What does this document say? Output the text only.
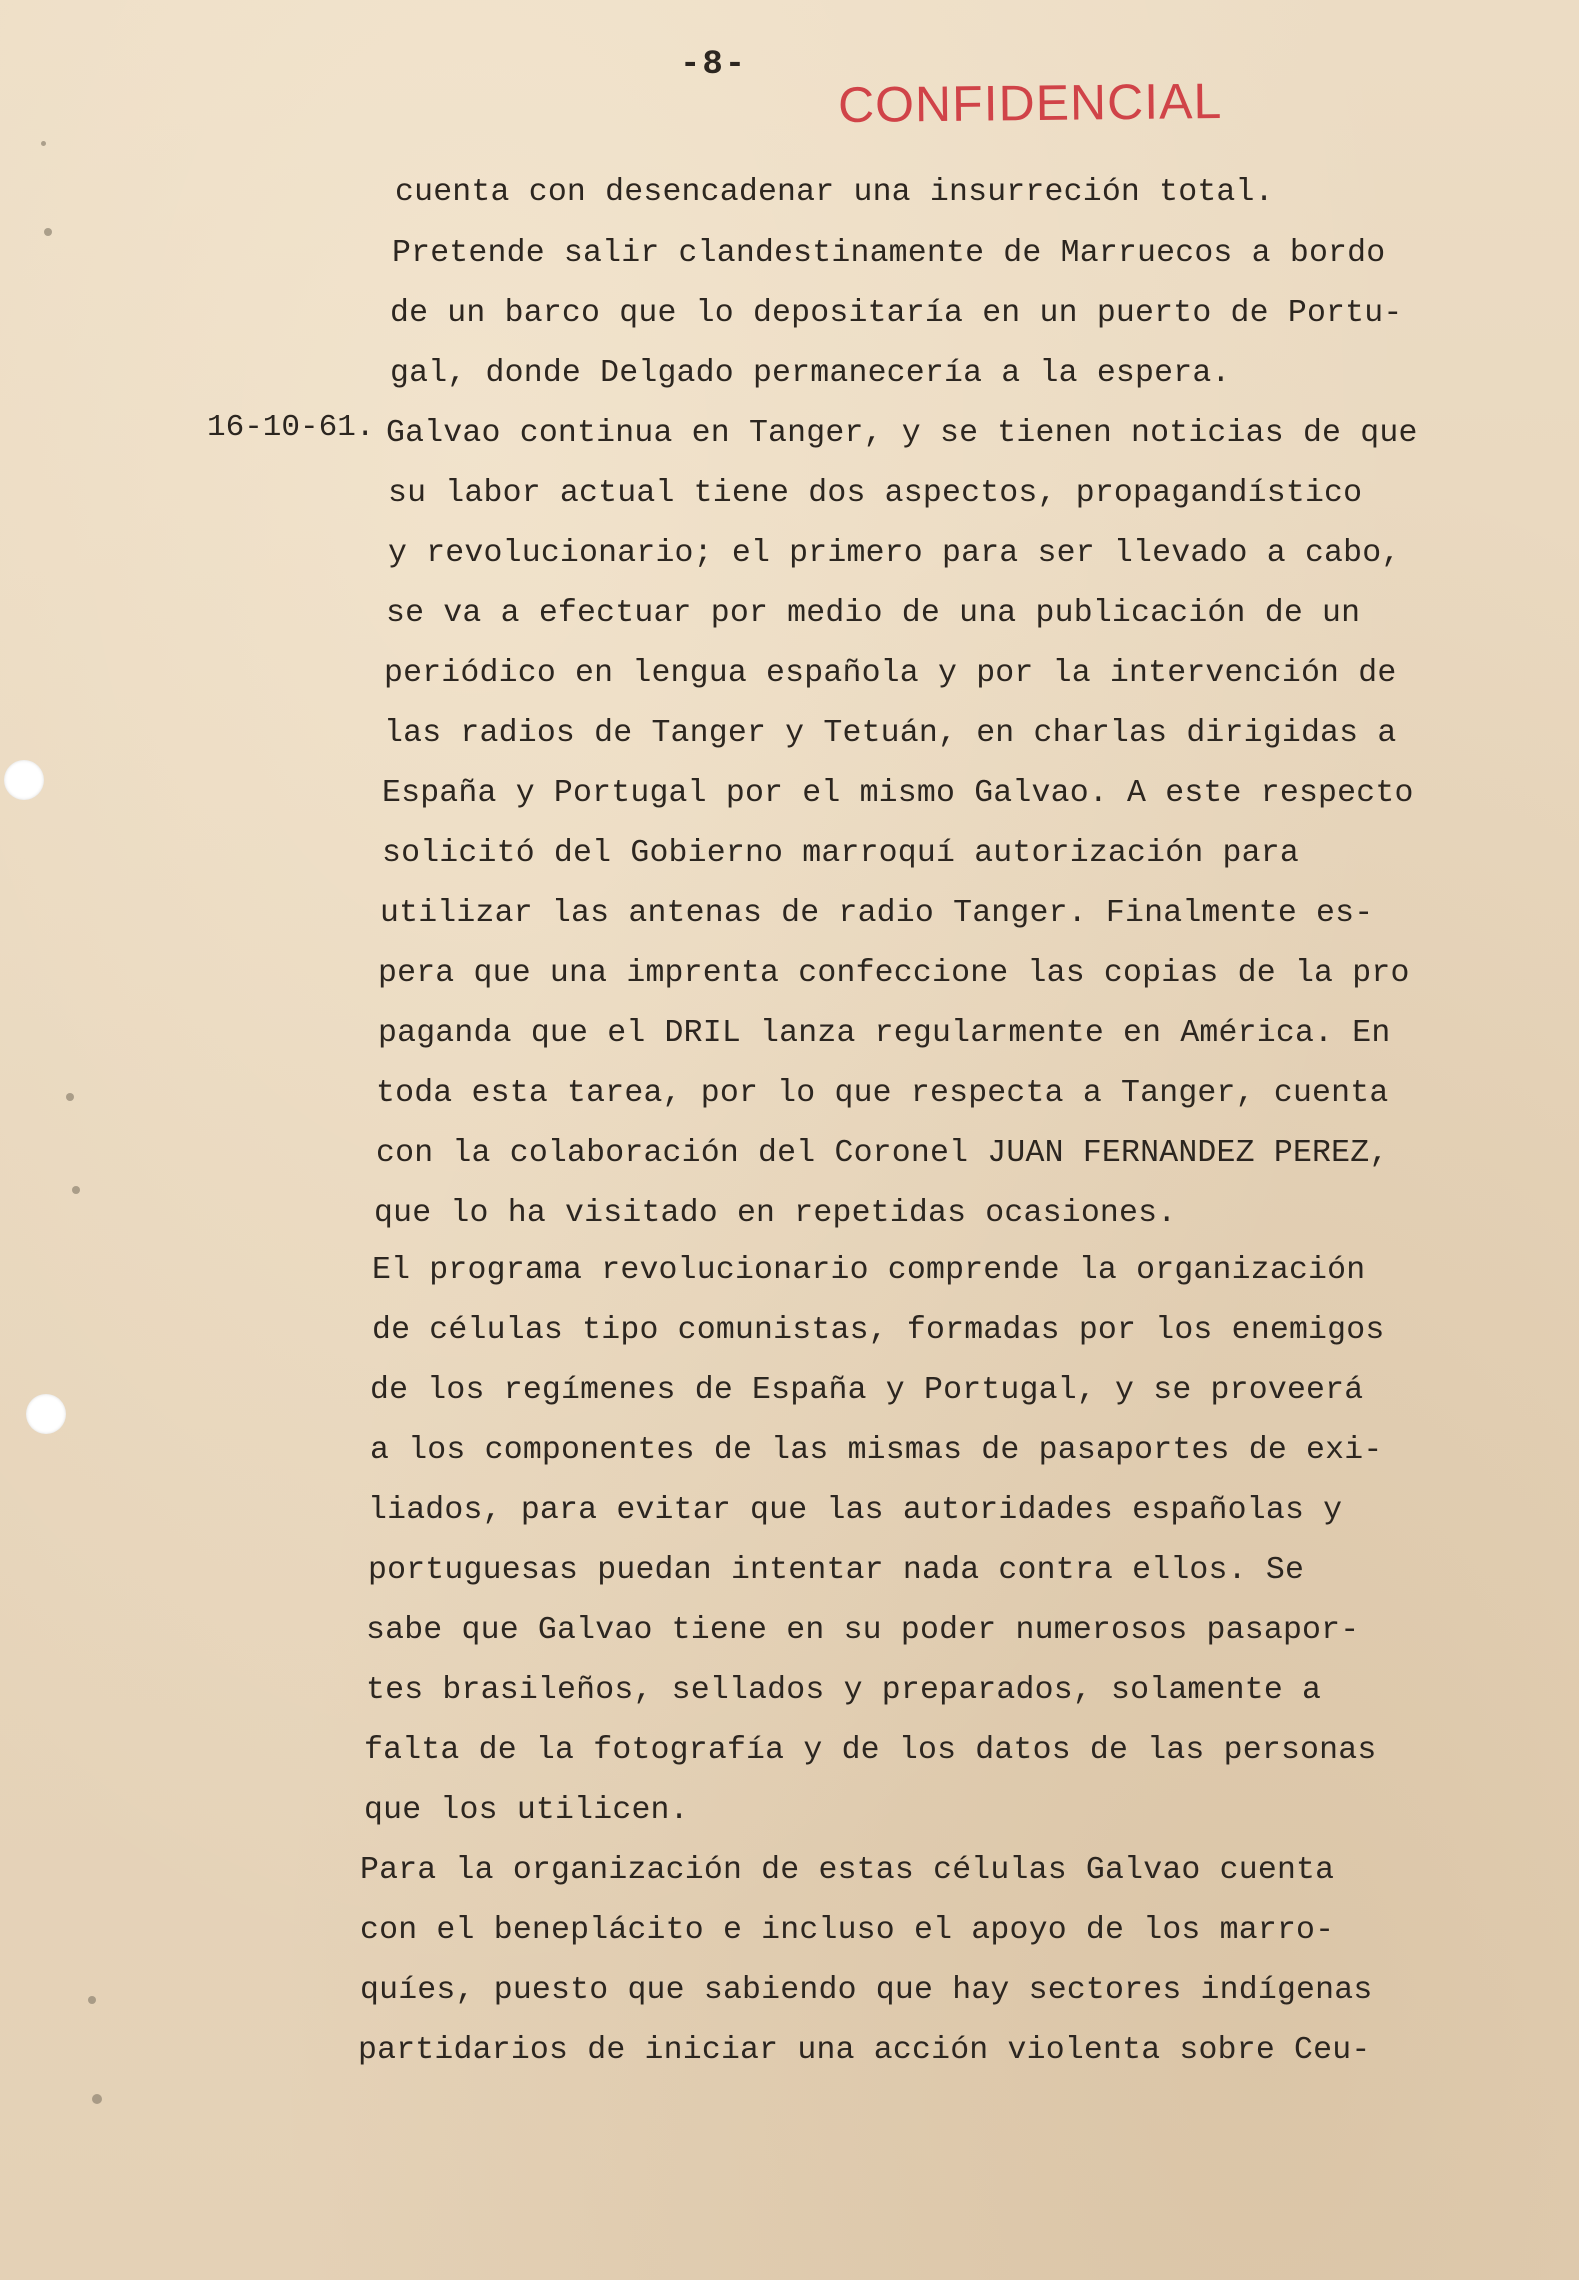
-8-
CONFIDENCIAL
16-10-61.
cuenta con desencadenar una insurreción total.
Pretende salir clandestinamente de Marruecos a bordo
de un barco que lo depositaría en un puerto de Portu-
gal, donde Delgado permanecería a la espera.
Galvao continua en Tanger, y se tienen noticias de que
su labor actual tiene dos aspectos, propagandístico
y revolucionario; el primero para ser llevado a cabo,
se va a efectuar por medio de una publicación de un
periódico en lengua española y por la intervención de
las radios de Tanger y Tetuán, en charlas dirigidas a
España y Portugal por el mismo Galvao. A este respecto
solicitó del Gobierno marroquí autorización para
utilizar las antenas de radio Tanger. Finalmente es-
pera que una imprenta confeccione las copias de la pro
paganda que el DRIL lanza regularmente en América. En
toda esta tarea, por lo que respecta a Tanger, cuenta
con la colaboración del Coronel JUAN FERNANDEZ PEREZ,
que lo ha visitado en repetidas ocasiones.
El programa revolucionario comprende la organización
de células tipo comunistas, formadas por los enemigos
de los regímenes de España y Portugal, y se proveerá
a los componentes de las mismas de pasaportes de exi-
liados, para evitar que las autoridades españolas y
portuguesas puedan intentar nada contra ellos. Se
sabe que Galvao tiene en su poder numerosos pasapor-
tes brasileños, sellados y preparados, solamente a
falta de la fotografía y de los datos de las personas
que los utilicen.
Para la organización de estas células Galvao cuenta
con el beneplácito e incluso el apoyo de los marro-
quíes, puesto que sabiendo que hay sectores indígenas
partidarios de iniciar una acción violenta sobre Ceu-
